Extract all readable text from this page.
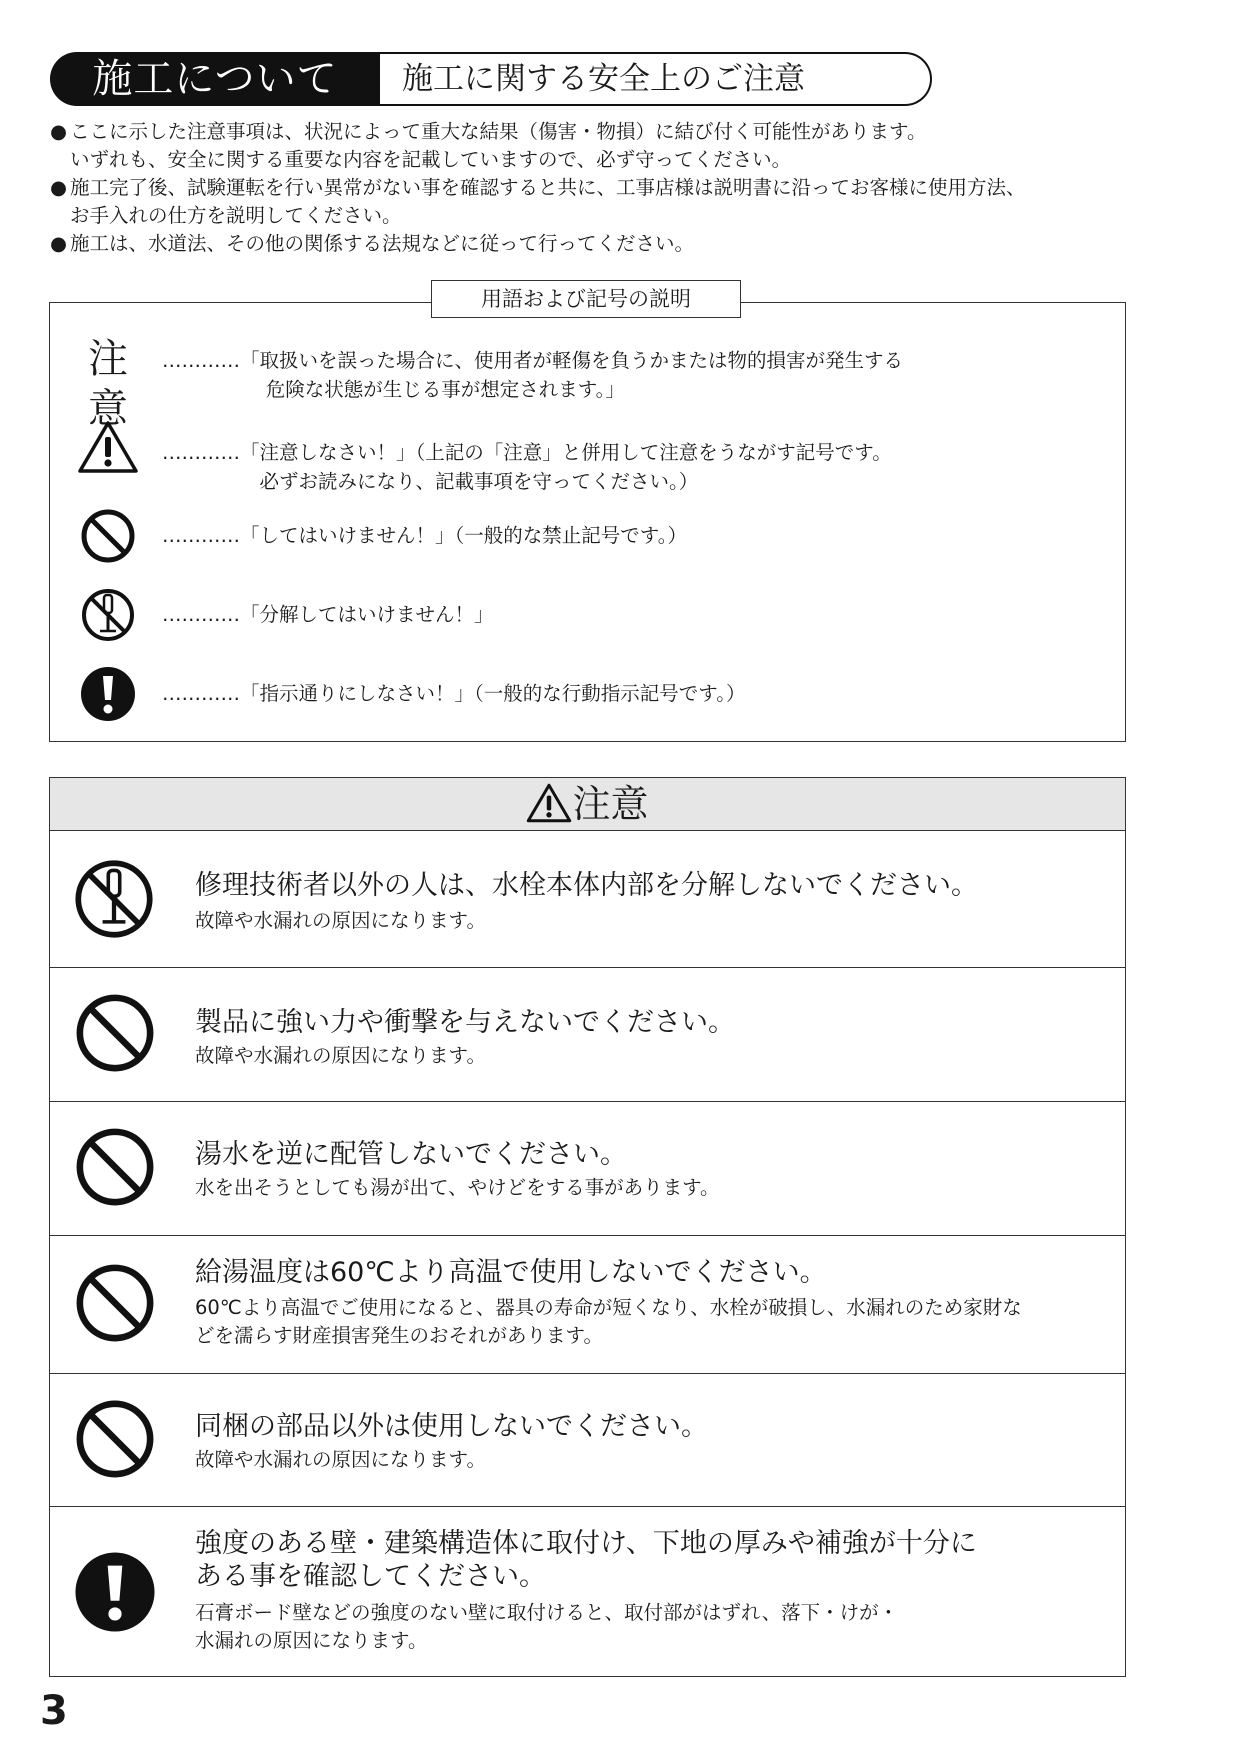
施工について	施工に関する安全上のご注意
● ここに示した注意事項は、状況によって重大な結果（傷害・物損）に結び付く可能性があります。
いずれも、安全に関する重要な内容を記載していますので、必ず守ってください。
● 施工完了後、試験運転を行い異常がない事を確認すると共に、工事店様は説明書に沿ってお客様に使用方法、
お手入れの仕方を説明してください。
● 施工は、水道法、その他の関係する法規などに従って行ってください。
用語および記号の説明
注意
…………「取扱いを誤った場合に、使用者が軽傷を負うかまたは物的損害が発生する
　　　　　 危険な状態が生じる事が想定されます。」
…………「注意しなさい！」（上記の「注意」と併用して注意をうながす記号です。
　　　　　必ずお読みになり、記載事項を守ってください。）
…………「してはいけません！」（一般的な禁止記号です。）
…………「分解してはいけません！」
…………「指示通りにしなさい！」（一般的な行動指示記号です。）
注意
修理技術者以外の人は、水栓本体内部を分解しないでください。
故障や水漏れの原因になります。
製品に強い力や衝撃を与えないでください。
故障や水漏れの原因になります。
湯水を逆に配管しないでください。
水を出そうとしても湯が出て、やけどをする事があります。
給湯温度は60℃より高温で使用しないでください。
60℃より高温でご使用になると、器具の寿命が短くなり、水栓が破損し、水漏れのため家財な
どを濡らす財産損害発生のおそれがあります。
同梱の部品以外は使用しないでください。
故障や水漏れの原因になります。
強度のある壁・建築構造体に取付け、下地の厚みや補強が十分に
ある事を確認してください。
石膏ボード壁などの強度のない壁に取付けると、取付部がはずれ、落下・けが・
水漏れの原因になります。
3
